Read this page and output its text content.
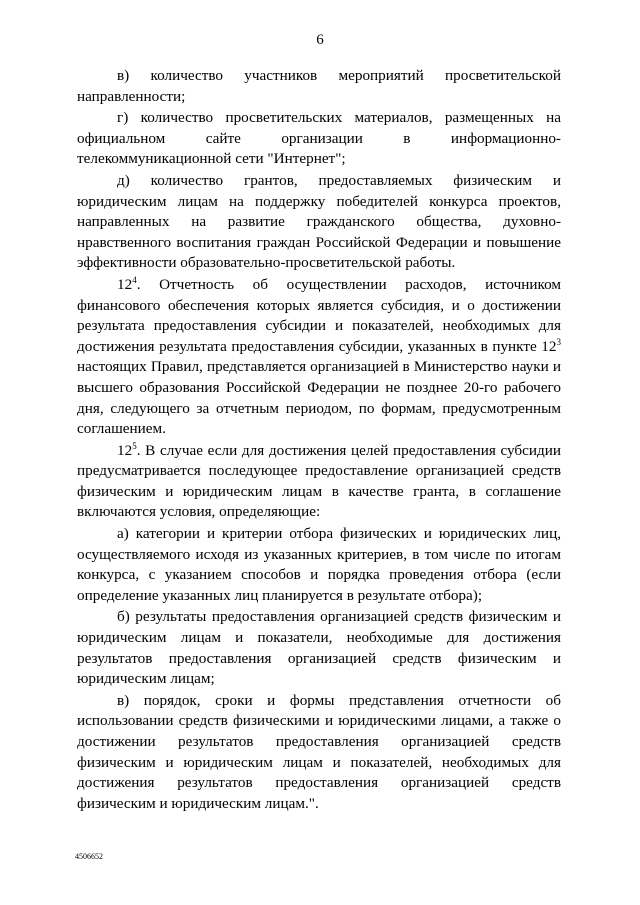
6

в) количество участников мероприятий просветительской направленности;

г) количество просветительских материалов, размещенных на официальном сайте организации в информационно-телекоммуникационной сети "Интернет";

д) количество грантов, предоставляемых физическим и юридическим лицам на поддержку победителей конкурса проектов, направленных на развитие гражданского общества, духовно-нравственного воспитания граждан Российской Федерации и повышение эффективности образовательно-просветительской работы.

$12^4$. Отчетность об осуществлении расходов, источником финансового обеспечения которых является субсидия, и о достижении результата предоставления субсидии и показателей, необходимых для достижения результата предоставления субсидии, указанных в пункте $12^3$ настоящих Правил, представляется организацией в Министерство науки и высшего образования Российской Федерации не позднее 20-го рабочего дня, следующего за отчетным периодом, по формам, предусмотренным соглашением.

$12^5$. В случае если для достижения целей предоставления субсидии предусматривается последующее предоставление организацией средств физическим и юридическим лицам в качестве гранта, в соглашение включаются условия, определяющие:

а) категории и критерии отбора физических и юридических лиц, осуществляемого исходя из указанных критериев, в том числе по итогам конкурса, с указанием способов и порядка проведения отбора (если определение указанных лиц планируется в результате отбора);

б) результаты предоставления организацией средств физическим и юридическим лицам и показатели, необходимые для достижения результатов предоставления организацией средств физическим и юридическим лицам;

в) порядок, сроки и формы представления отчетности об использовании средств физическими и юридическими лицами, а также о достижении результатов предоставления организацией средств физическим и юридическим лицам и показателей, необходимых для достижения результатов предоставления организацией средств физическим и юридическим лицам.".

4506652
